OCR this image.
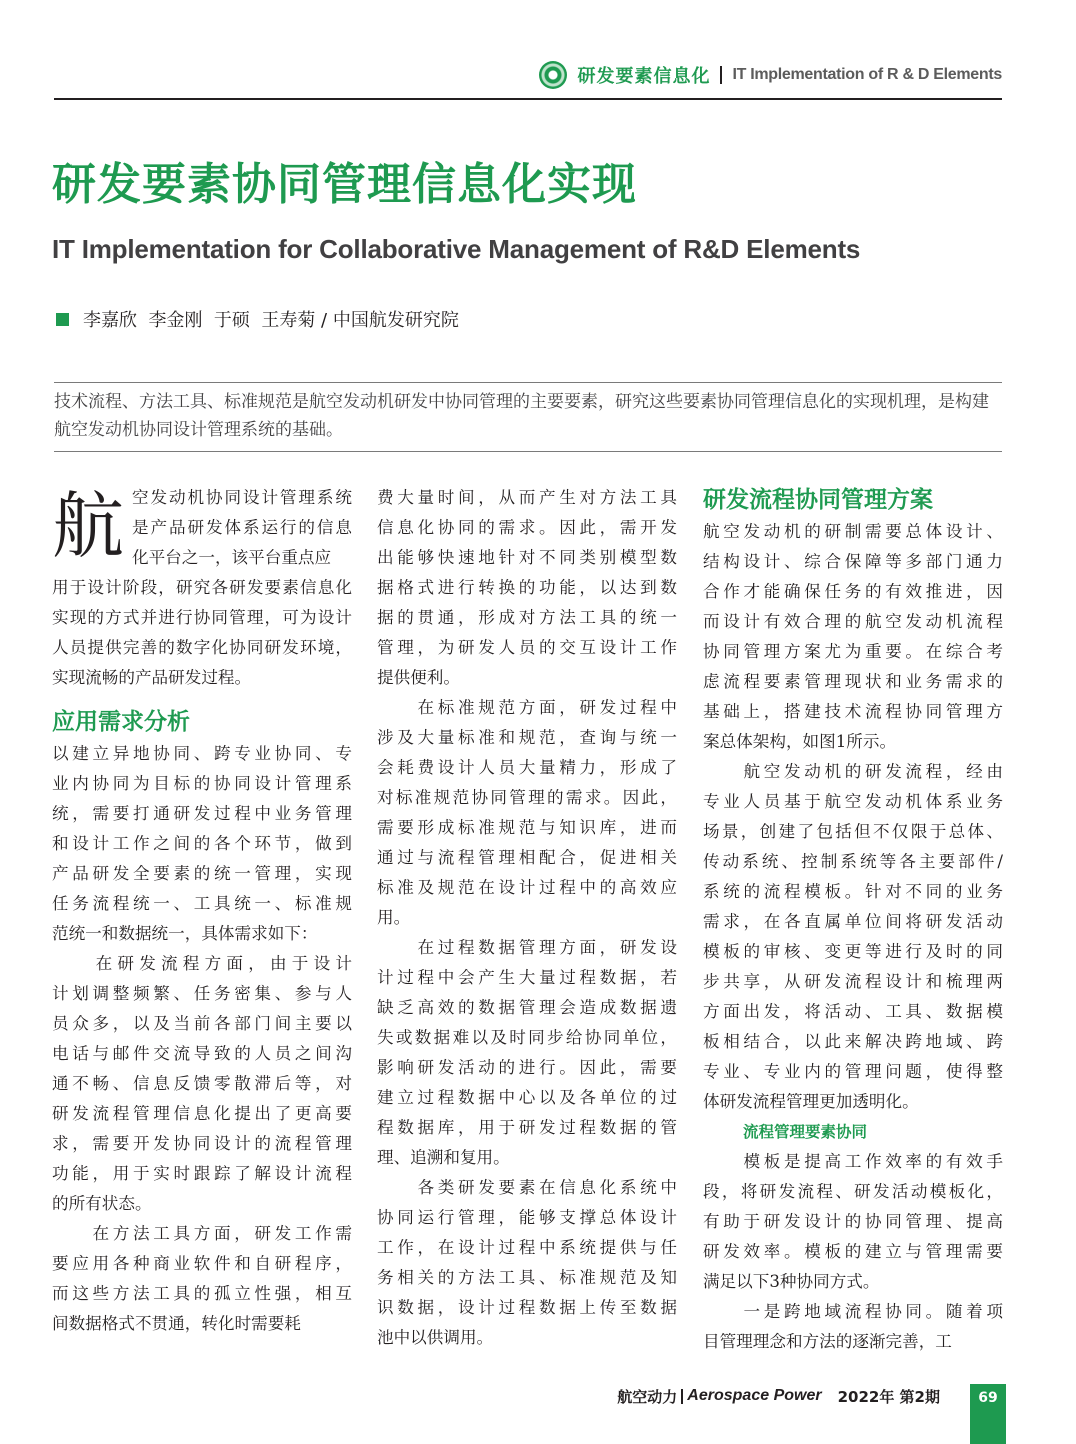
研发要素信息化 IT Implementation of R & D Elements
研发要素协同管理信息化实现
IT Implementation for Collaborative Management of R&D Elements
李嘉欣  李金刚  于硕  王寿菊 / 中国航发研究院
技术流程、方法工具、标准规范是航空发动机研发中协同管理的主要要素，研究这些要素协同管理信息化的实现机理，是构建航空发动机协同设计管理系统的基础。
航 空发动机协同设计管理系统
是产品研发体系运行的信息
化平台之一，该平台重点应
用于设计阶段，研究各研发要素信息化
实现的方式并进行协同管理，可为设计
人员提供完善的数字化协同研发环境，
实现流畅的产品研发过程。
应用需求分析
以建立异地协同、跨专业协同、专
业内协同为目标的协同设计管理系
统，需要打通研发过程中业务管理
和设计工作之间的各个环节，做到
产品研发全要素的统一管理，实现
任务流程统一、工具统一、标准规
范统一和数据统一，具体需求如下：
　　在研发流程方面，由于设计
计划调整频繁、任务密集、参与人
员众多，以及当前各部门间主要以
电话与邮件交流导致的人员之间沟
通不畅、信息反馈零散滞后等，对
研发流程管理信息化提出了更高要
求，需要开发协同设计的流程管理
功能，用于实时跟踪了解设计流程
的所有状态。
　　在方法工具方面，研发工作需
要应用各种商业软件和自研程序，
而这些方法工具的孤立性强，相互
间数据格式不贯通，转化时需要耗
费大量时间，从而产生对方法工具
信息化协同的需求。因此，需开发
出能够快速地针对不同类别模型数
据格式进行转换的功能，以达到数
据的贯通，形成对方法工具的统一
管理，为研发人员的交互设计工作
提供便利。
　　在标准规范方面，研发过程中
涉及大量标准和规范，查询与统一
会耗费设计人员大量精力，形成了
对标准规范协同管理的需求。因此，
需要形成标准规范与知识库，进而
通过与流程管理相配合，促进相关
标准及规范在设计过程中的高效应
用。
　　在过程数据管理方面，研发设
计过程中会产生大量过程数据，若
缺乏高效的数据管理会造成数据遗
失或数据难以及时同步给协同单位，
影响研发活动的进行。因此，需要
建立过程数据中心以及各单位的过
程数据库，用于研发过程数据的管
理、追溯和复用。
　　各类研发要素在信息化系统中
协同运行管理，能够支撑总体设计
工作，在设计过程中系统提供与任
务相关的方法工具、标准规范及知
识数据，设计过程数据上传至数据
池中以供调用。
研发流程协同管理方案
航空发动机的研制需要总体设计、
结构设计、综合保障等多部门通力
合作才能确保任务的有效推进，因
而设计有效合理的航空发动机流程
协同管理方案尤为重要。在综合考
虑流程要素管理现状和业务需求的
基础上，搭建技术流程协同管理方
案总体架构，如图1所示。
　　航空发动机的研发流程，经由
专业人员基于航空发动机体系业务
场景，创建了包括但不仅限于总体、
传动系统、控制系统等各主要部件/
系统的流程模板。针对不同的业务
需求，在各直属单位间将研发活动
模板的审核、变更等进行及时的同
步共享，从研发流程设计和梳理两
方面出发，将活动、工具、数据模
板相结合，以此来解决跨地域、跨
专业、专业内的管理问题，使得整
体研发流程管理更加透明化。
流程管理要素协同
　　模板是提高工作效率的有效手
段，将研发流程、研发活动模板化，
有助于研发设计的协同管理、提高
研发效率。模板的建立与管理需要
满足以下3种协同方式。
　　一是跨地域流程协同。随着项
目管理理念和方法的逐渐完善，工
航空动力 Aerospace Power 2022年 第2期	69
